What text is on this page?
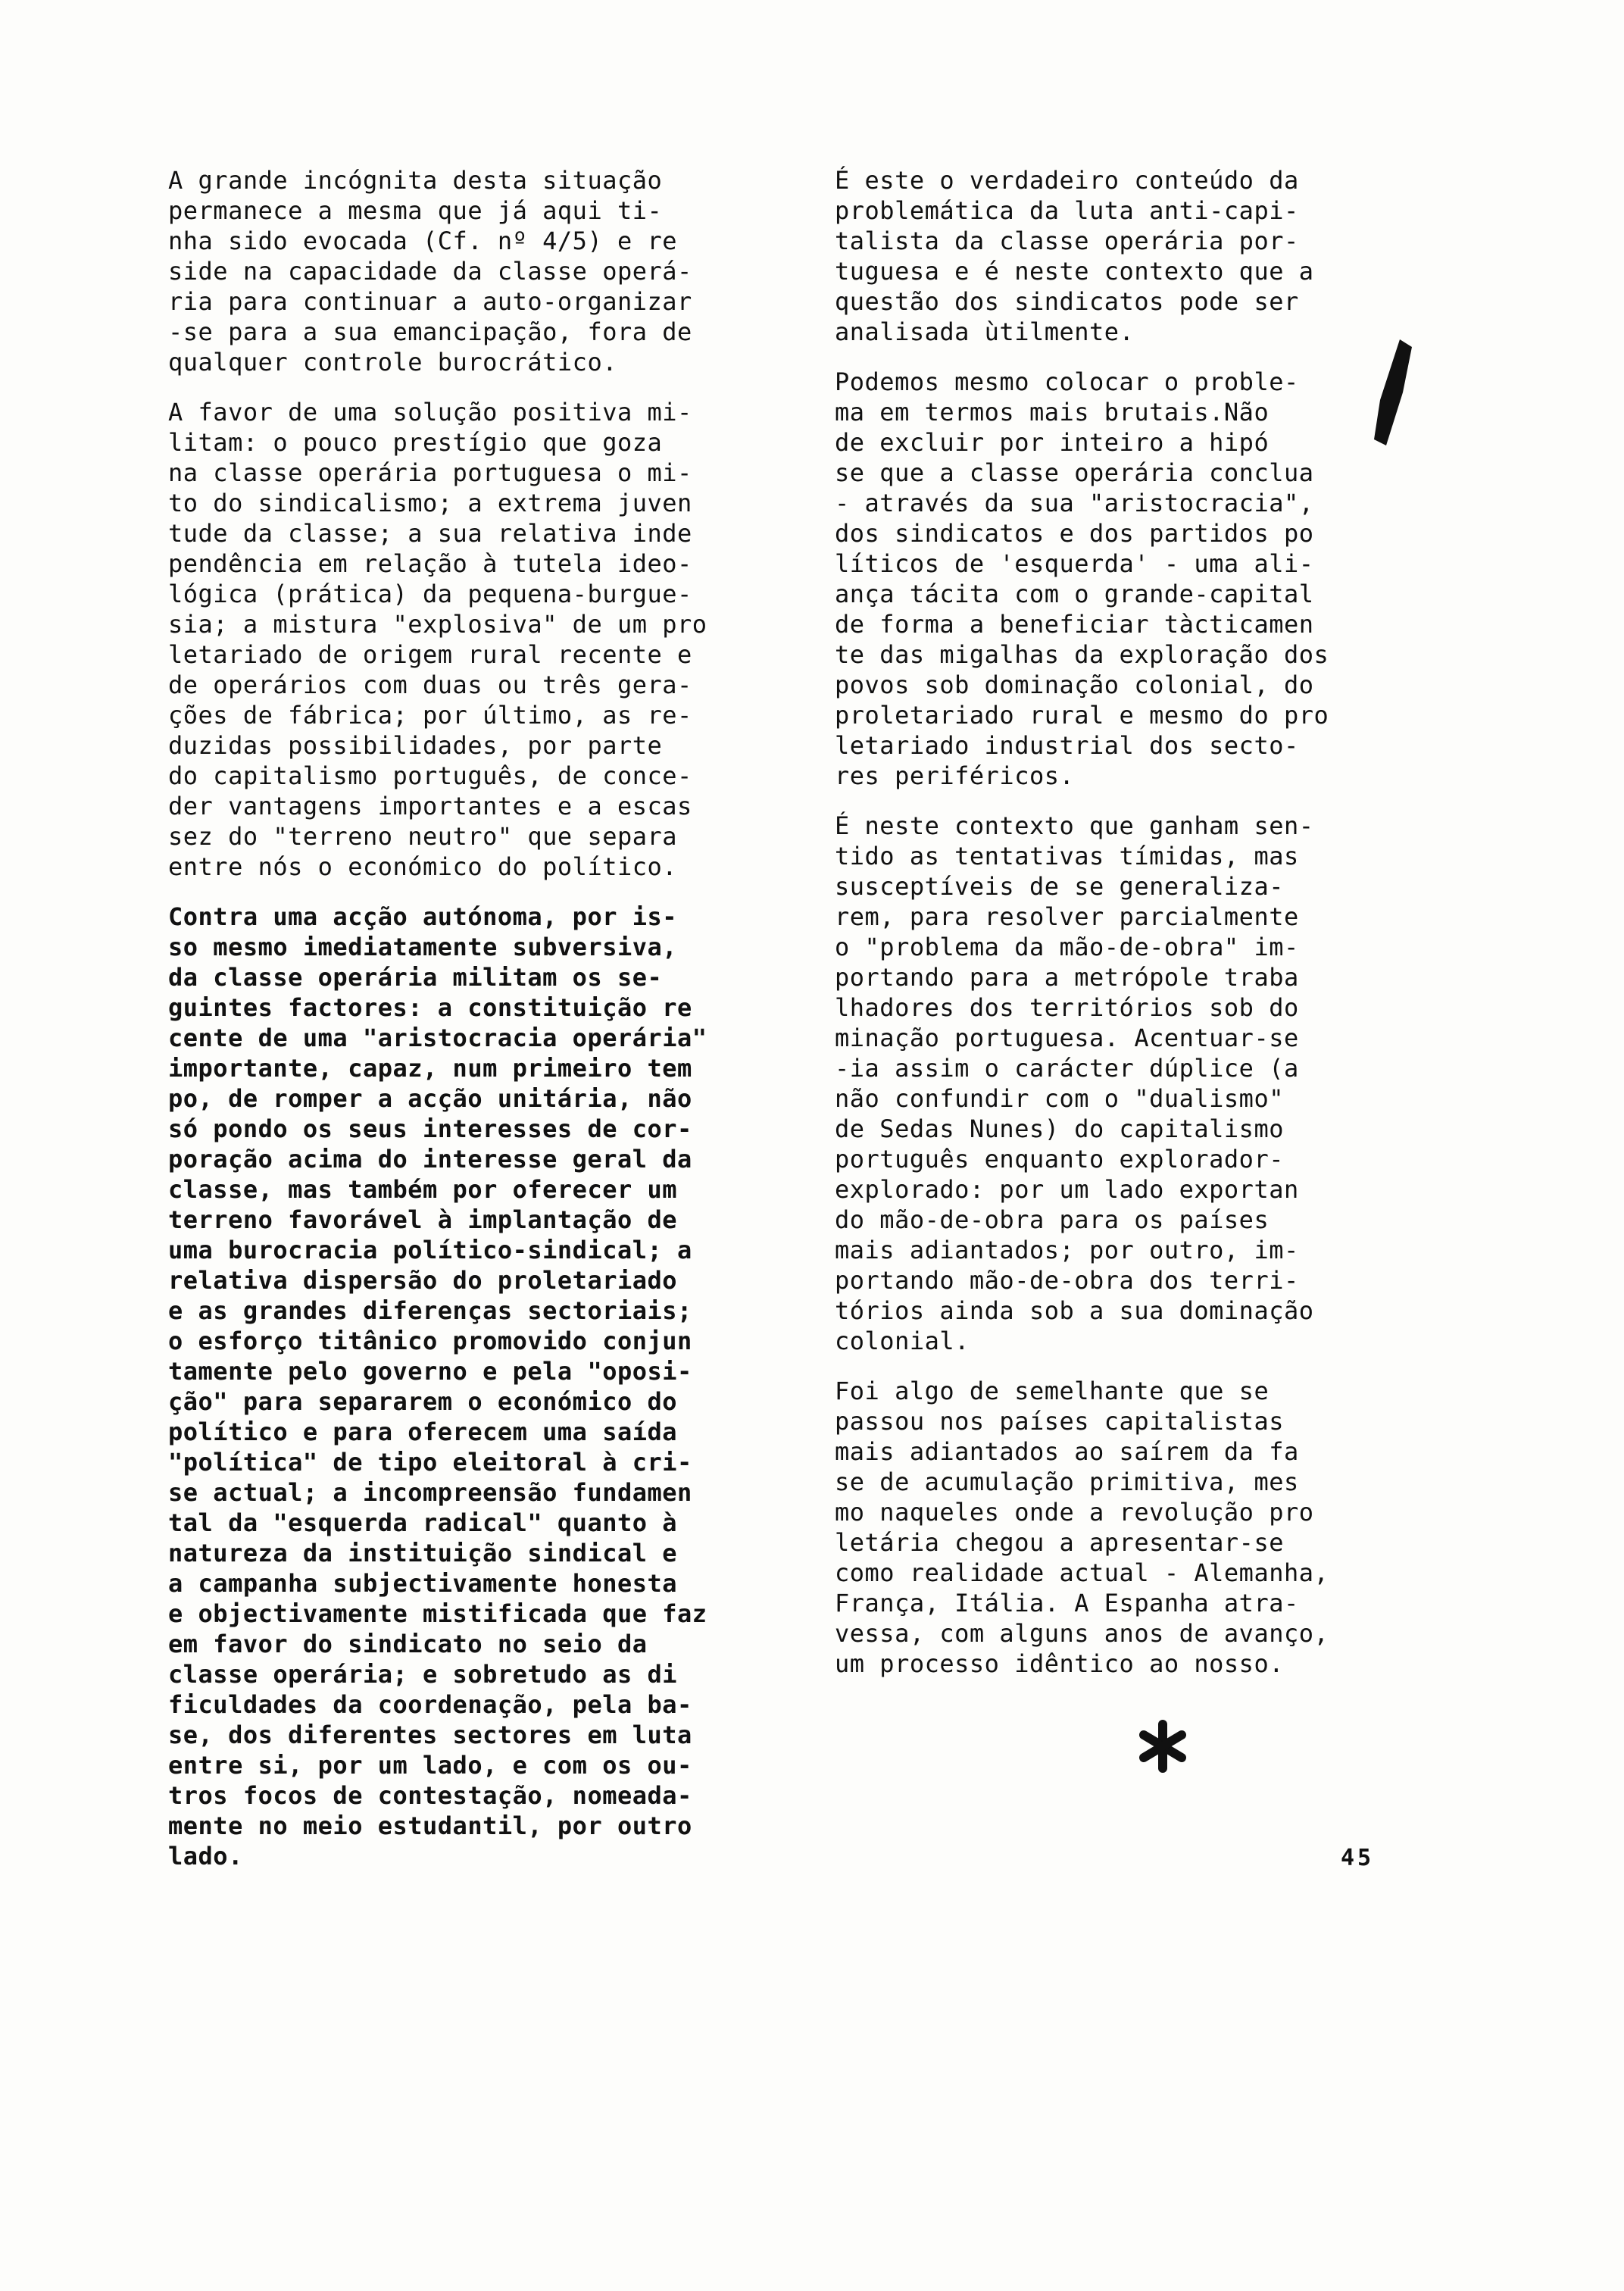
A grande incógnita desta situação
permanece a mesma que já aqui ti-
nha sido evocada (Cf. nº 4/5) e re
side na capacidade da classe operá-
ria para continuar a auto-organizar
-se para a sua emancipação, fora de
qualquer controle burocrático.

A favor de uma solução positiva mi-
litam: o pouco prestígio que goza
na classe operária portuguesa o mi-
to do sindicalismo; a extrema juven
tude da classe; a sua relativa inde
pendência em relação à tutela ideo-
lógica (prática) da pequena-burgue-
sia; a mistura "explosiva" de um pro
letariado de origem rural recente e
de operários com duas ou três gera-
ções de fábrica; por último, as re-
duzidas possibilidades, por parte
do capitalismo português, de conce-
der vantagens importantes e a escas
sez do "terreno neutro" que separa
entre nós o económico do político.

Contra uma acção autónoma, por is-
so mesmo imediatamente subversiva,
da classe operária militam os se-
guintes factores: a constituição re
cente de uma "aristocracia operária"
importante, capaz, num primeiro tem
po, de romper a acção unitária, não
só pondo os seus interesses de cor-
poração acima do interesse geral da
classe, mas também por oferecer um
terreno favorável à implantação de
uma burocracia político-sindical; a
relativa dispersão do proletariado
e as grandes diferenças sectoriais;
o esforço titânico promovido conjun
tamente pelo governo e pela "oposi-
ção" para separarem o económico do
político e para oferecem uma saída
"política" de tipo eleitoral à cri-
se actual; a incompreensão fundamen
tal da "esquerda radical" quanto à
natureza da instituição sindical e
a campanha subjectivamente honesta
e objectivamente mistificada que faz
em favor do sindicato no seio da
classe operária; e sobretudo as di
ficuldades da coordenação, pela ba-
se, dos diferentes sectores em luta
entre si, por um lado, e com os ou-
tros focos de contestação, nomeada-
mente no meio estudantil, por outro
lado.

É este o verdadeiro conteúdo da
problemática da luta anti-capi-
talista da classe operária por-
tuguesa e é neste contexto que a
questão dos sindicatos pode ser
analisada ùtilmente.

Podemos mesmo colocar o proble-
ma em termos mais brutais.Não
de excluir por inteiro a hipó
se que a classe operária conclua
- através da sua "aristocracia",
dos sindicatos e dos partidos po
líticos de 'esquerda' - uma ali-
ança tácita com o grande-capital
de forma a beneficiar tàcticamen
te das migalhas da exploração dos
povos sob dominação colonial, do
proletariado rural e mesmo do pro
letariado industrial dos secto-
res periféricos.

É neste contexto que ganham sen-
tido as tentativas tímidas, mas
susceptíveis de se generaliza-
rem, para resolver parcialmente
o "problema da mão-de-obra" im-
portando para a metrópole traba
lhadores dos territórios sob do
minação portuguesa. Acentuar-se
-ia assim o carácter dúplice (a
não confundir com o "dualismo"
de Sedas Nunes) do capitalismo
português enquanto explorador-
explorado: por um lado exportan
do mão-de-obra para os países
mais adiantados; por outro, im-
portando mão-de-obra dos terri-
tórios ainda sob a sua dominação
colonial.

Foi algo de semelhante que se
passou nos países capitalistas
mais adiantados ao saírem da fa
se de acumulação primitiva, mes
mo naqueles onde a revolução pro
letária chegou a apresentar-se
como realidade actual - Alemanha,
França, Itália. A Espanha atra-
vessa, com alguns anos de avanço,
um processo idêntico ao nosso.

45
